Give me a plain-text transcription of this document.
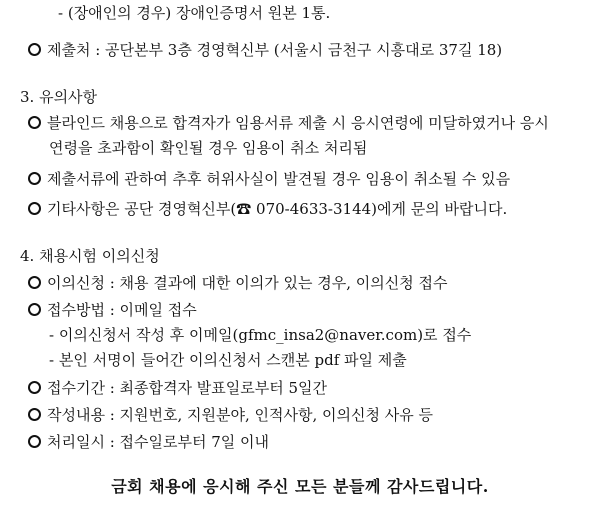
- (장애인의 경우) 장애인증명서 원본 1통.
제출처 : 공단본부 3층 경영혁신부 (서울시 금천구 시흥대로 37길 18)
3. 유의사항
블라인드 채용으로 합격자가 임용서류 제출 시 응시연령에 미달하였거나 응시
연령을 초과함이 확인될 경우 임용이 취소 처리됨
제출서류에 관하여 추후 허위사실이 발견될 경우 임용이 취소될 수 있음
기타사항은 공단 경영혁신부(☎ 070-4633-3144)에게 문의 바랍니다.
4. 채용시험 이의신청
이의신청 : 채용 결과에 대한 이의가 있는 경우, 이의신청 접수
접수방법 : 이메일 접수
- 이의신청서 작성 후 이메일(gfmc_insa2@naver.com)로 접수
- 본인 서명이 들어간 이의신청서 스캔본 pdf 파일 제출
접수기간 : 최종합격자 발표일로부터 5일간
작성내용 : 지원번호, 지원분야, 인적사항, 이의신청 사유 등
처리일시 : 접수일로부터 7일 이내
금회 채용에 응시해 주신 모든 분들께 감사드립니다.
